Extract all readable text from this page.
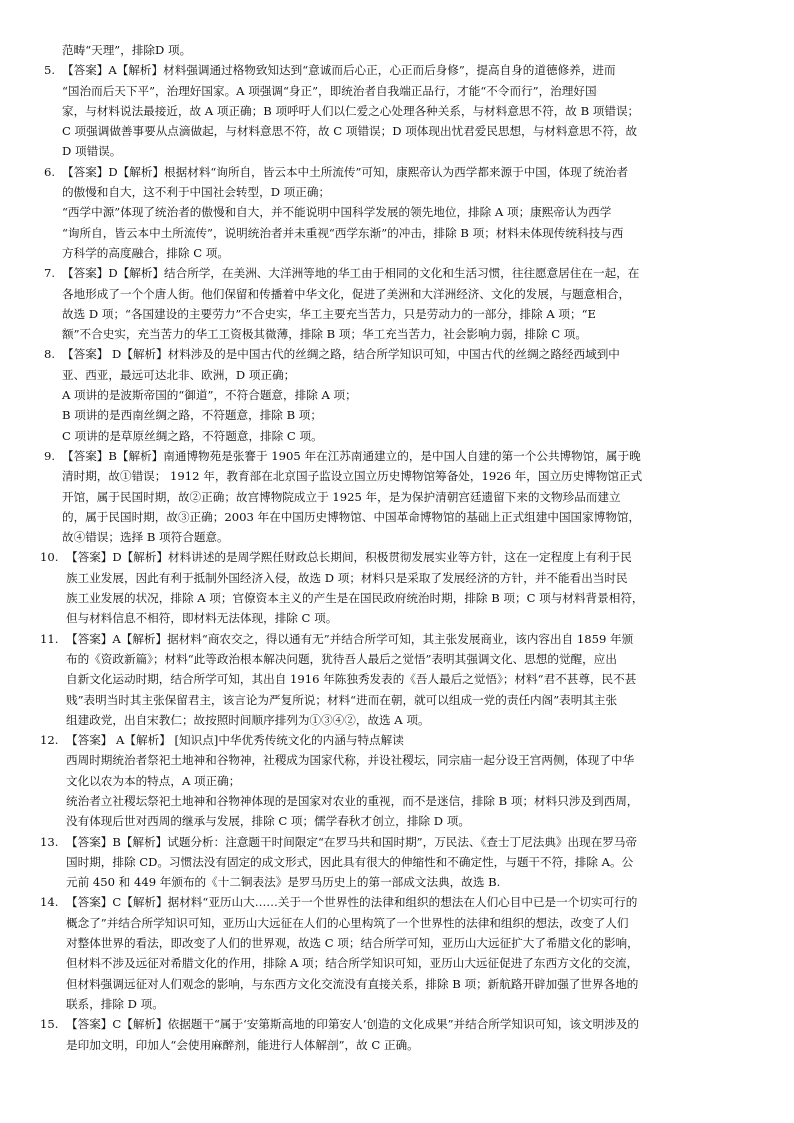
范畴“天理”，排除D 项。

5. 【答案】A【解析】材料强调通过格物致知达到“意诚而后心正，心正而后身修”，提高自身的道德修养，进而
“国治而后天下平”，治理好国家。A 项强调“身正”，即统治者自我端正品行，才能“不令而行”，治理好国
家，与材料说法最接近，故 A 项正确；B 项呼吁人们以仁爱之心处理各种关系，与材料意思不符，故 B 项错误；
C 项强调做善事要从点滴做起，与材料意思不符，故 C 项错误；D 项体现出忧君爱民思想，与材料意思不符，故
D 项错误。
6. 【答案】D【解析】根据材料“询所自，皆云本中土所流传”可知，康熙帝认为西学都来源于中国，体现了统治者
的傲慢和自大，这不利于中国社会转型，D 项正确；
“西学中源”体现了统治者的傲慢和自大，并不能说明中国科学发展的领先地位，排除 A 项；康熙帝认为西学
“询所自，皆云本中土所流传”，说明统治者并未重视“西学东渐”的冲击，排除 B 项；材料未体现传统科技与西
方科学的高度融合，排除 C 项。
7. 【答案】D【解析】结合所学，在美洲、大洋洲等地的华工由于相同的文化和生活习惯，往往愿意居住在一起，在
各地形成了一个个唐人街。他们保留和传播着中华文化，促进了美洲和大洋洲经济、文化的发展，与题意相合，
故选 D 项；“各国建设的主要劳力”不合史实，华工主要充当苦力，只是劳动力的一部分，排除 A 项；“E
额”不合史实，充当苦力的华工工资极其微薄，排除 B 项；华工充当苦力，社会影响力弱，排除 C 项。
8. 【答案】 D【解析】材料涉及的是中国古代的丝绸之路，结合所学知识可知，中国古代的丝绸之路经西域到中
亚、西亚，最远可达北非、欧洲，D 项正确；
A 项讲的是波斯帝国的“御道”，不符合题意，排除 A 项；
B 项讲的是西南丝绸之路，不符题意，排除 B 项；
C 项讲的是草原丝绸之路，不符题意，排除 C 项。
9. 【答案】B【解析】南通博物苑是张謇于 1905 年在江苏南通建立的，是中国人自建的第一个公共博物馆，属于晚
清时期，故①错误； 1912 年，教育部在北京国子监设立国立历史博物馆筹备处，1926 年，国立历史博物馆正式
开馆，属于民国时期，故②正确；故宫博物院成立于 1925 年，是为保护清朝宫廷遗留下来的文物珍品而建立
的，属于民国时期，故③正确；2003 年在中国历史博物馆、中国革命博物馆的基础上正式组建中国国家博物馆，
故④错误；选择 B 项符合题意。
10. 【答案】D【解析】材料讲述的是周学熙任财政总长期间，积极贯彻发展实业等方针，这在一定程度上有利于民
族工业发展，因此有利于抵制外国经济入侵，故选 D 项；材料只是采取了发展经济的方针，并不能看出当时民
族工业发展的状况，排除 A 项；官僚资本主义的产生是在国民政府统治时期，排除 B 项；C 项与材料背景相符，
但与材料信息不相符，即材料无法体现，排除 C 项。
11. 【答案】A【解析】据材料“商农交之，得以通有无”并结合所学可知，其主张发展商业，该内容出自 1859 年颁
布的《资政新篇》；材料“此等政治根本解决问题，犹待吾人最后之觉悟”表明其强调文化、思想的觉醒，应出
自新文化运动时期，结合所学可知，其出自 1916 年陈独秀发表的《吾人最后之觉悟》；材料“君不甚尊，民不甚
贱”表明当时其主张保留君主，该言论为严复所说；材料“进而在朝，就可以组成一党的责任内阁”表明其主张
组建政党，出自宋教仁；故按照时间顺序排列为①③④②，故选 A 项。
12. 【答案】 A【解析】 [知识点]中华优秀传统文化的内涵与特点解读
西周时期统治者祭祀土地神和谷物神，社稷成为国家代称，并设社稷坛，同宗庙一起分设王宫两侧，体现了中华
文化以农为本的特点，A 项正确；
统治者立社稷坛祭祀土地神和谷物神体现的是国家对农业的重视，而不是迷信，排除 B 项；材料只涉及到西周，
没有体现后世对西周的继承与发展，排除 C 项；儒学春秋才创立，排除 D 项。
13. 【答案】B【解析】试题分析：注意题干时间限定“在罗马共和国时期”，万民法、《查士丁尼法典》出现在罗马帝
国时期，排除 CD。习惯法没有固定的成文形式，因此具有很大的伸缩性和不确定性，与题干不符，排除 A。公
元前 450 和 449 年颁布的《十二铜表法》是罗马历史上的第一部成文法典，故选 B.
14. 【答案】C【解析】据材料“亚历山大……关于一个世界性的法律和组织的想法在人们心目中已是一个切实可行的
概念了”并结合所学知识可知，亚历山大远征在人们的心里构筑了一个世界性的法律和组织的想法，改变了人们
对整体世界的看法，即改变了人们的世界观，故选 C 项；结合所学可知，亚历山大远征扩大了希腊文化的影响，
但材料不涉及远征对希腊文化的作用，排除 A 项；结合所学知识可知，亚历山大远征促进了东西方文化的交流，
但材料强调远征对人们观念的影响，与东西方文化交流没有直接关系，排除 B 项；新航路开辟加强了世界各地的
联系，排除 D 项。
15. 【答案】C【解析】依据题干“属于‘安第斯高地的印第安人’创造的文化成果”并结合所学知识可知，该文明涉及的
是印加文明，印加人“会使用麻醉剂，能进行人体解剖”，故 C 正确。
